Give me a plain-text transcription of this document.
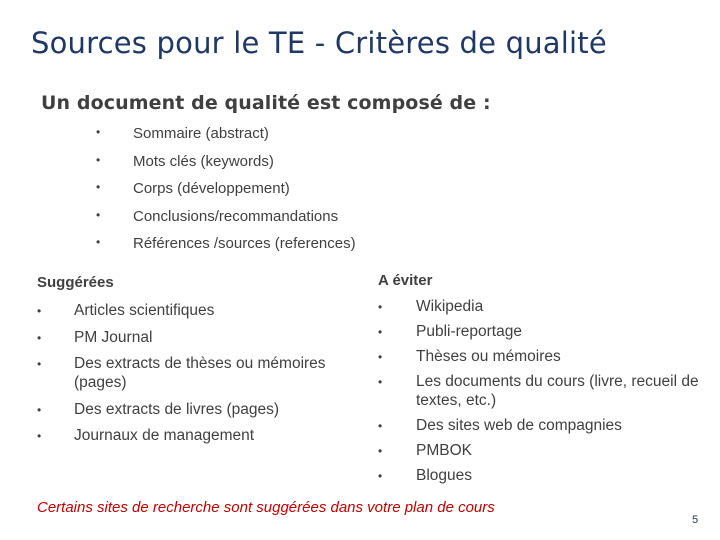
Sources pour le TE - Critères de qualité
Un document de qualité est composé de :
• Sommaire (abstract)
• Mots clés (keywords)
• Corps (développement)
• Conclusions/recommandations
• Références /sources (references)
Suggérées
• Articles scientifiques
• PM Journal
• Des extracts de thèses ou mémoires (pages)
• Des extracts de livres (pages)
• Journaux de management
A éviter
• Wikipedia
• Publi-reportage
• Thèses ou mémoires
• Les documents du cours (livre, recueil de textes, etc.)
• Des sites web de compagnies
• PMBOK
• Blogues
Certains sites de recherche sont suggérées dans votre plan de cours
5
